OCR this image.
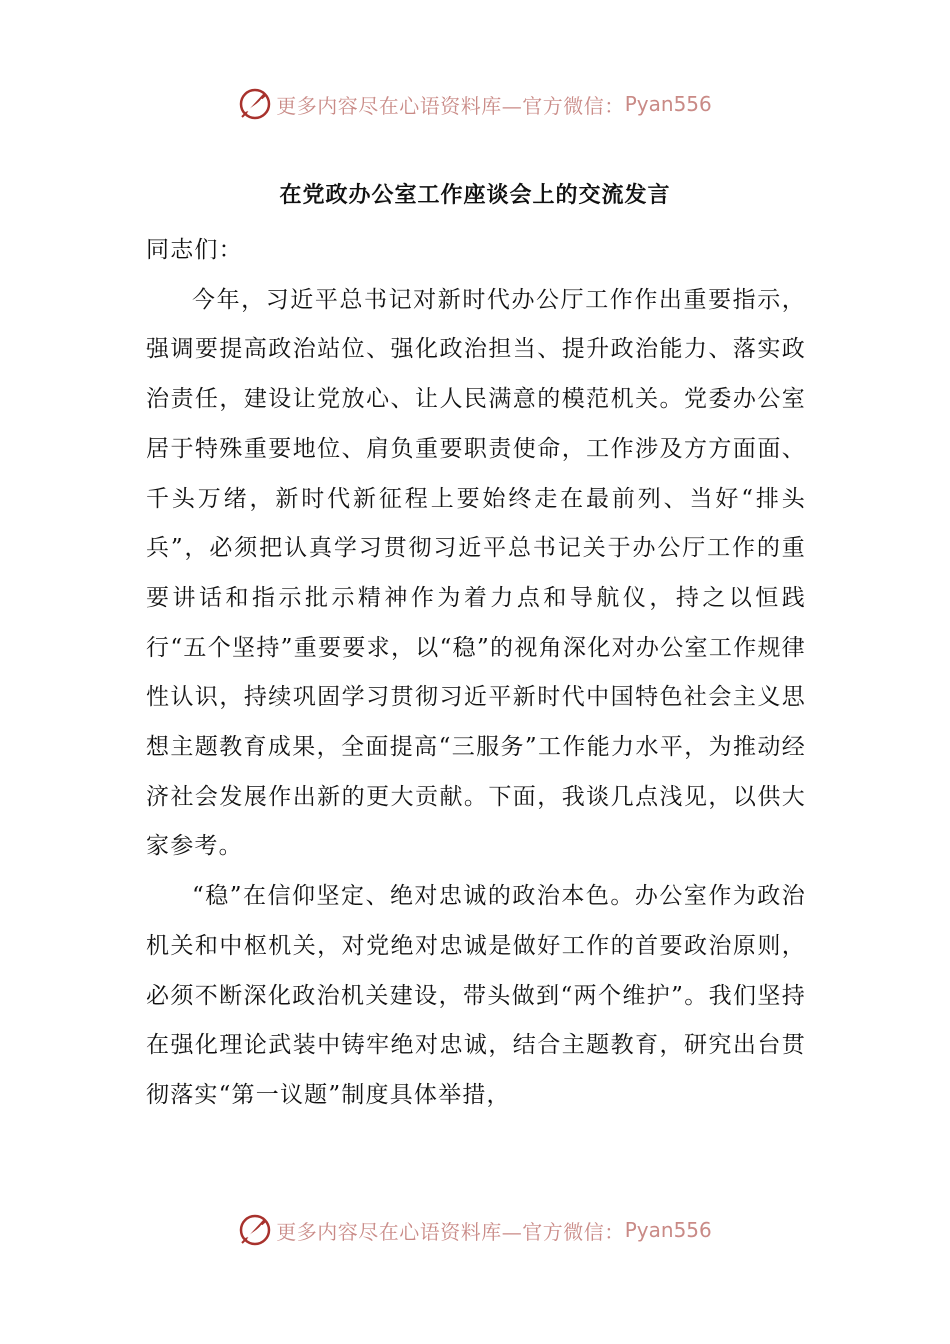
更多内容尽在心语资料库—官方微信： Pyan556
在党政办公室工作座谈会上的交流发言

同志们：

今年，习近平总书记对新时代办公厅工作作出重要指示，强调要提高政治站位、强化政治担当、提升政治能力、落实政治责任，建设让党放心、让人民满意的模范机关。党委办公室居于特殊重要地位、肩负重要职责使命，工作涉及方方面面、千头万绪，新时代新征程上要始终走在最前列、当好“排头兵”，必须把认真学习贯彻习近平总书记关于办公厅工作的重要讲话和指示批示精神作为着力点和导航仪，持之以恒践行“五个坚持”重要要求，以“稳”的视角深化对办公室工作规律性认识，持续巩固学习贯彻习近平新时代中国特色社会主义思想主题教育成果，全面提高“三服务”工作能力水平，为推动经济社会发展作出新的更大贡献。下面，我谈几点浅见，以供大家参考。

“稳”在信仰坚定、绝对忠诚的政治本色。办公室作为政治机关和中枢机关，对党绝对忠诚是做好工作的首要政治原则，必须不断深化政治机关建设，带头做到“两个维护”。我们坚持在强化理论武装中铸牢绝对忠诚，结合主题教育，研究出台贯彻落实“第一议题”制度具体举措，

更多内容尽在心语资料库—官方微信： Pyan556
